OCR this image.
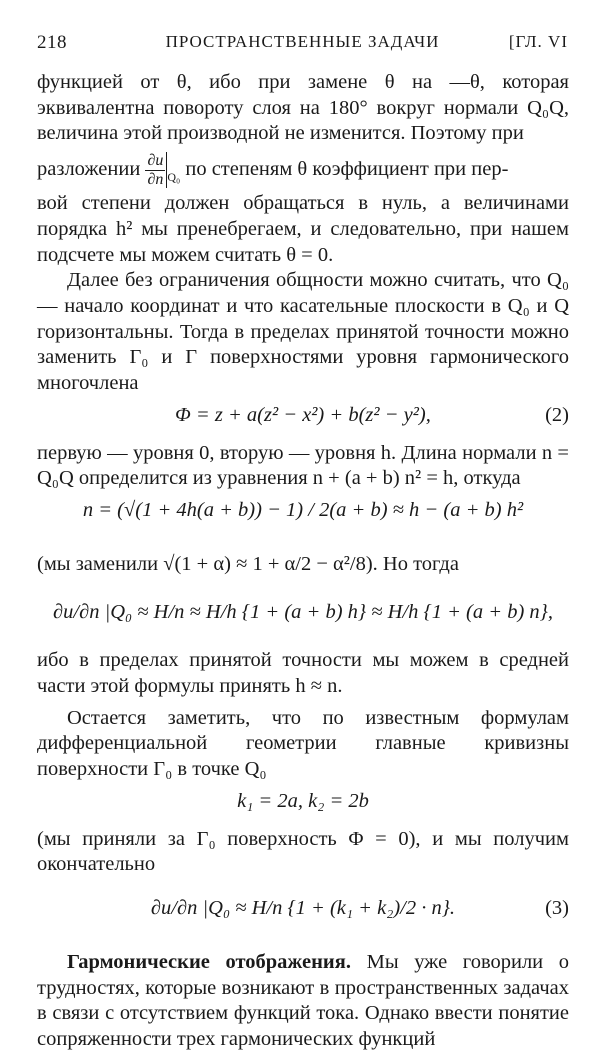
218	ПРОСТРАНСТВЕННЫЕ ЗАДАЧИ	[ГЛ. VI

функцией от θ, ибо при замене θ на —θ, которая эквивалентна повороту слоя на 180° вокруг нормали Q₀Q, величина этой производной не изменится. Поэтому при

разложении $\frac{\partial u}{\partial n} _{Q_0}$ по степеням θ коэффициент при пер-

вой степени должен обращаться в нуль, а величинами порядка h² мы пренебрегаем, и следовательно, при нашем подсчете мы можем считать θ = 0.

Далее без ограничения общности можно считать, что Q₀ — начало координат и что касательные плоскости в Q₀ и Q горизонтальны. Тогда в пределах принятой точности можно заменить Γ₀ и Γ поверхностями уровня гармонического многочлена

Φ = z + a(z² − x²) + b(z² − y²),	(2)

первую — уровня 0, вторую — уровня h. Длина нормали n = Q₀Q определится из уравнения n + (a + b) n² = h, откуда

n = (√(1 + 4h(a + b)) − 1) / 2(a + b) ≈ h − (a + b) h²

(мы заменили √(1 + α) ≈ 1 + α/2 − α²/8). Но тогда

∂u/∂n |Q₀ ≈ H/n ≈ H/h {1 + (a + b) h} ≈ H/h {1 + (a + b) n},

ибо в пределах принятой точности мы можем в средней части этой формулы принять h ≈ n.

Остается заметить, что по известным формулам дифференциальной геометрии главные кривизны поверхности Γ₀ в точке Q₀

k₁ = 2a, k₂ = 2b

(мы приняли за Γ₀ поверхность Φ = 0), и мы получим окончательно

∂u/∂n |Q₀ ≈ H/n {1 + (k₁ + k₂)/2 · n}.	(3)

Гармонические отображения. Мы уже говорили о трудностях, которые возникают в пространственных задачах в связи с отсутствием функций тока. Однако ввести понятие сопряженности трех гармонических функций
